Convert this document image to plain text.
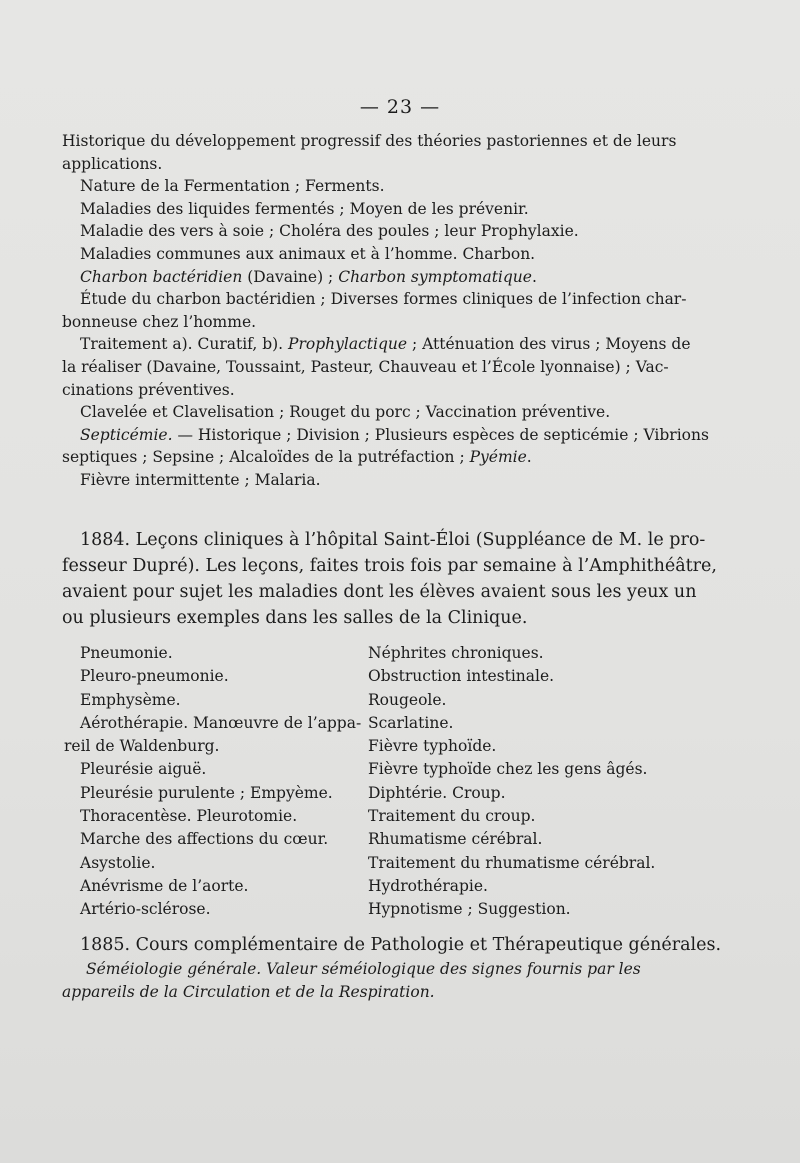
— 23 —
Historique du développement progressif des théories pastoriennes et de leurs
applications.
Nature de la Fermentation ; Ferments.
Maladies des liquides fermentés ; Moyen de les prévenir.
Maladie des vers à soie ; Choléra des poules ; leur Prophylaxie.
Maladies communes aux animaux et à l’homme. Charbon.
Charbon bactéridien (Davaine) ; Charbon symptomatique.
Étude du charbon bactéridien ; Diverses formes cliniques de l’infection char-
bonneuse chez l’homme.
Traitement a). Curatif, b). Prophylactique ; Atténuation des virus ; Moyens de
la réaliser (Davaine, Toussaint, Pasteur, Chauveau et l’École lyonnaise) ; Vac-
cinations préventives.
Clavelée et Clavelisation ; Rouget du porc ; Vaccination préventive.
Septicémie. — Historique ; Division ; Plusieurs espèces de septicémie ; Vibrions
septiques ; Sepsine ; Alcaloïdes de la putréfaction ; Pyémie.
Fièvre intermittente ; Malaria.
1884. Leçons cliniques à l’hôpital Saint-Éloi (Suppléance de M. le pro-
fesseur Dupré). Les leçons, faites trois fois par semaine à l’Amphithéâtre,
avaient pour sujet les maladies dont les élèves avaient sous les yeux un
ou plusieurs exemples dans les salles de la Clinique.
Pneumonie.
Pleuro-pneumonie.
Emphysème.
Aérothérapie. Manœuvre de l’appa-
reil de Waldenburg.
Pleurésie aiguë.
Pleurésie purulente ; Empyème.
Thoracentèse. Pleurotomie.
Marche des affections du cœur.
Asystolie.
Anévrisme de l’aorte.
Artério-sclérose.
Néphrites chroniques.
Obstruction intestinale.
Rougeole.
Scarlatine.
Fièvre typhoïde.
Fièvre typhoïde chez les gens âgés.
Diphtérie. Croup.
Traitement du croup.
Rhumatisme cérébral.
Traitement du rhumatisme cérébral.
Hydrothérapie.
Hypnotisme ; Suggestion.
1885. Cours complémentaire de Pathologie et Thérapeutique générales.
Séméiologie générale. Valeur séméiologique des signes fournis par les
appareils de la Circulation et de la Respiration.
